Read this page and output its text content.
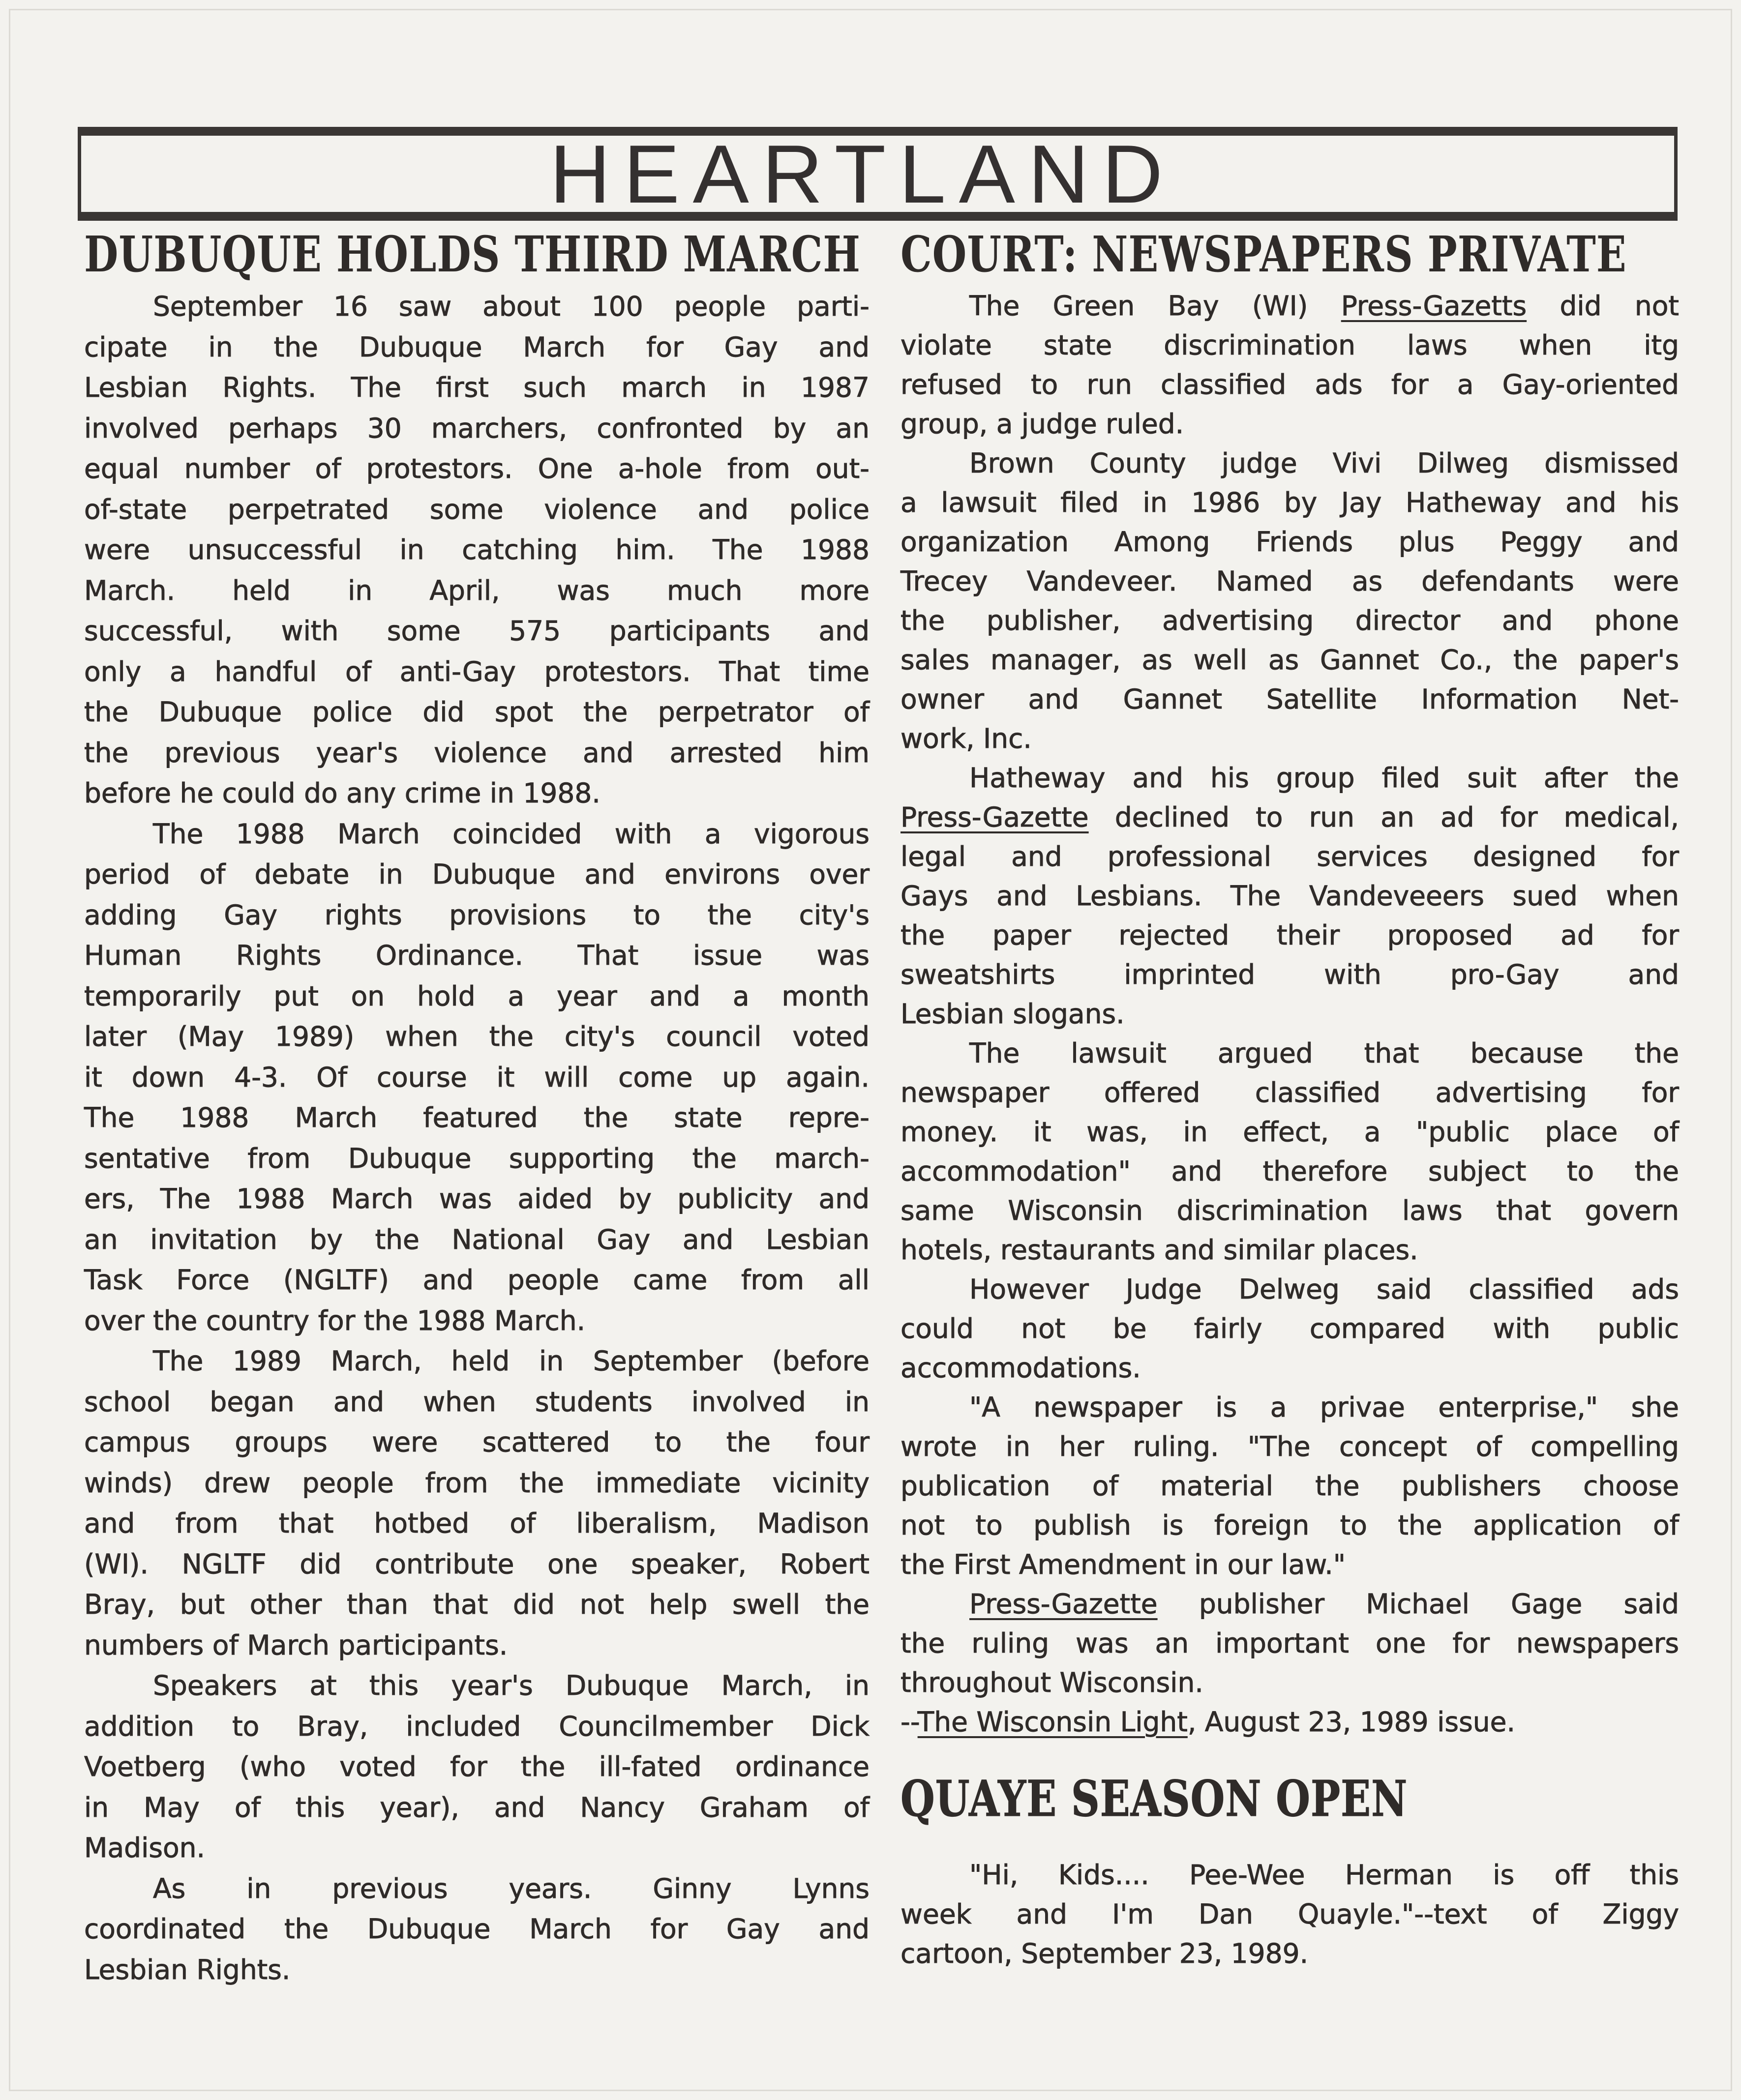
HEARTLAND
DUBUQUE HOLDS THIRD MARCH COURT: NEWSPAPERS PRIVATE
September 16 saw about 100 people parti-
cipate in the Dubuque March for Gay and
Lesbian Rights. The first such march in 1987
involved perhaps 30 marchers, confronted by an
equal number of protestors. One a-hole from out-
of-state perpetrated some violence and police
were unsuccessful in catching him. The 1988
March. held in April, was much more
successful, with some 575 participants and
only a handful of anti-Gay protestors. That time
the Dubuque police did spot the perpetrator of
the previous year's violence and arrested him
before he could do any crime in 1988.
The 1988 March coincided with a vigorous
period of debate in Dubuque and environs over
adding Gay rights provisions to the city's
Human Rights Ordinance. That issue was
temporarily put on hold a year and a month
later (May 1989) when the city's council voted
it down 4-3. Of course it will come up again.
The 1988 March featured the state repre-
sentative from Dubuque supporting the march-
ers, The 1988 March was aided by publicity and
an invitation by the National Gay and Lesbian
Task Force (NGLTF) and people came from all
over the country for the 1988 March.
The 1989 March, held in September (before
school began and when students involved in
campus groups were scattered to the four
winds) drew people from the immediate vicinity
and from that hotbed of liberalism, Madison
(WI). NGLTF did contribute one speaker, Robert
Bray, but other than that did not help swell the
numbers of March participants.
Speakers at this year's Dubuque March, in
addition to Bray, included Councilmember Dick
Voetberg (who voted for the ill-fated ordinance
in May of this year), and Nancy Graham of
Madison.
As in previous years. Ginny Lynns
coordinated the Dubuque March for Gay and
Lesbian Rights.
The Green Bay (WI) Press-Gazetts did not
violate state discrimination laws when itg
refused to run classified ads for a Gay-oriented
group, a judge ruled.
Brown County judge Vivi Dilweg dismissed
a lawsuit filed in 1986 by Jay Hatheway and his
organization Among Friends plus Peggy and
Trecey Vandeveer. Named as defendants were
the publisher, advertising director and phone
sales manager, as well as Gannet Co., the paper's
owner and Gannet Satellite Information Net-
work, Inc.
Hatheway and his group filed suit after the
Press-Gazette declined to run an ad for medical,
legal and professional services designed for
Gays and Lesbians. The Vandeveeers sued when
the paper rejected their proposed ad for
sweatshirts imprinted with pro-Gay and
Lesbian slogans.
The lawsuit argued that because the
newspaper offered classified advertising for
money. it was, in effect, a "public place of
accommodation" and therefore subject to the
same Wisconsin discrimination laws that govern
hotels, restaurants and similar places.
However Judge Delweg said classified ads
could not be fairly compared with public
accommodations.
"A newspaper is a privae enterprise," she
wrote in her ruling. "The concept of compelling
publication of material the publishers choose
not to publish is foreign to the application of
the First Amendment in our law."
Press-Gazette publisher Michael Gage said
the ruling was an important one for newspapers
throughout Wisconsin.
--The Wisconsin Light, August 23, 1989 issue.
QUAYE SEASON OPEN
"Hi, Kids.... Pee-Wee Herman is off this
week and I'm Dan Quayle."--text of Ziggy
cartoon, September 23, 1989.
